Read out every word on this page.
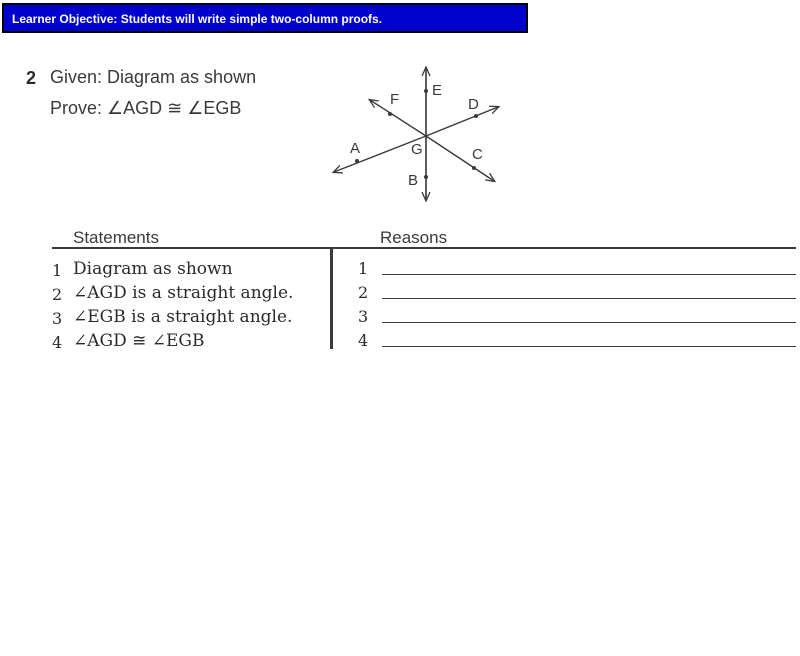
Learner Objective: Students will write simple two-column proofs.
2 Given: Diagram as shown
Prove: ∠AGD ≅ ∠EGB
E
F	D
A	G	C
B
Statements	Reasons
1 Diagram as shown	1
2 ∠AGD is a straight angle.	2
3 ∠EGB is a straight angle.	3
4 ∠AGD ≅ ∠EGB	4
